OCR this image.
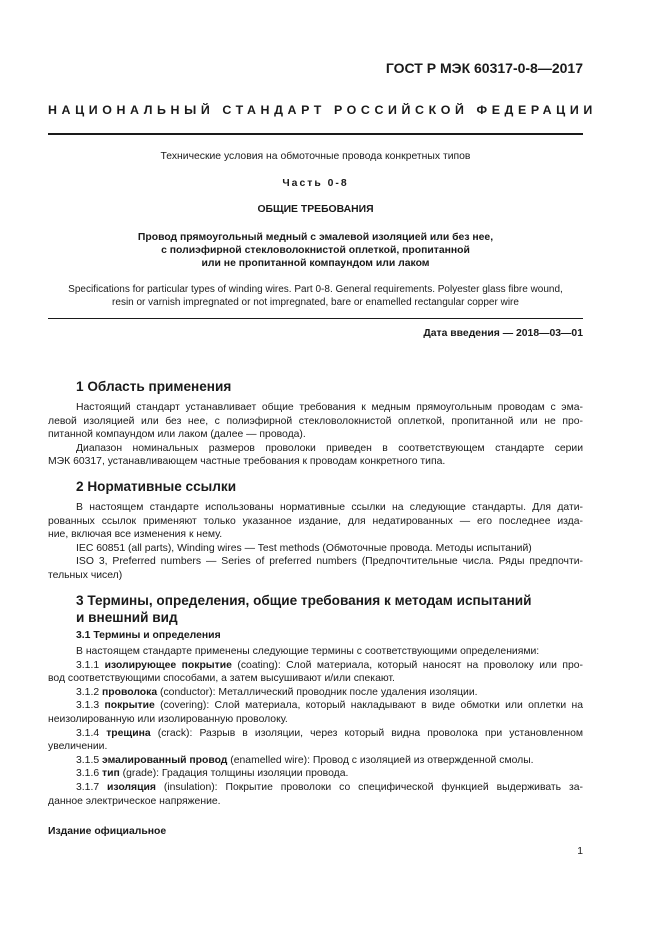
ГОСТ Р МЭК 60317-0-8—2017
НАЦИОНАЛЬНЫЙ СТАНДАРТ РОССИЙСКОЙ ФЕДЕРАЦИИ
Технические условия на обмоточные провода конкретных типов
Часть 0-8
ОБЩИЕ ТРЕБОВАНИЯ
Провод прямоугольный медный с эмалевой изоляцией или без нее,
с полиэфирной стекловолокнистой оплеткой, пропитанной
или не пропитанной компаундом или лаком
Specifications for particular types of winding wires. Part 0-8. General requirements. Polyester glass fibre wound,
resin or varnish impregnated or not impregnated, bare or enamelled rectangular copper wire
Дата введения — 2018—03—01
1 Область применения
Настоящий стандарт устанавливает общие требования к медным прямоугольным проводам с эма-
левой изоляцией или без нее, с полиэфирной стекловолокнистой оплеткой, пропитанной или не про-
питанной компаундом или лаком (далее — провода).
Диапазон номинальных размеров проволоки приведен в соответствующем стандарте серии
МЭК 60317, устанавливающем частные требования к проводам конкретного типа.
2 Нормативные ссылки
В настоящем стандарте использованы нормативные ссылки на следующие стандарты. Для дати-
рованных ссылок применяют только указанное издание, для недатированных — его последнее изда-
ние, включая все изменения к нему.
IEC 60851 (all parts), Winding wires — Test methods (Обмоточные провода. Методы испытаний)
ISO 3, Preferred numbers — Series of preferred numbers (Предпочтительные числа. Ряды предпочти-
тельных чисел)
3 Термины, определения, общие требования к методам испытаний
и внешний вид
3.1 Термины и определения
В настоящем стандарте применены следующие термины с соответствующими определениями:
3.1.1 изолирующее покрытие (coating): Слой материала, который наносят на проволоку или про-
вод соответствующими способами, а затем высушивают и/или спекают.
3.1.2 проволока (conductor): Металлический проводник после удаления изоляции.
3.1.3 покрытие (covering): Слой материала, который накладывают в виде обмотки или оплетки на
неизолированную или изолированную проволоку.
3.1.4 трещина (crack): Разрыв в изоляции, через который видна проволока при установленном
увеличении.
3.1.5 эмалированный провод (enamelled wire): Провод с изоляцией из отвержденной смолы.
3.1.6 тип (grade): Градация толщины изоляции провода.
3.1.7 изоляция (insulation): Покрытие проволоки со специфической функцией выдерживать за-
данное электрическое напряжение.
Издание официальное
1
